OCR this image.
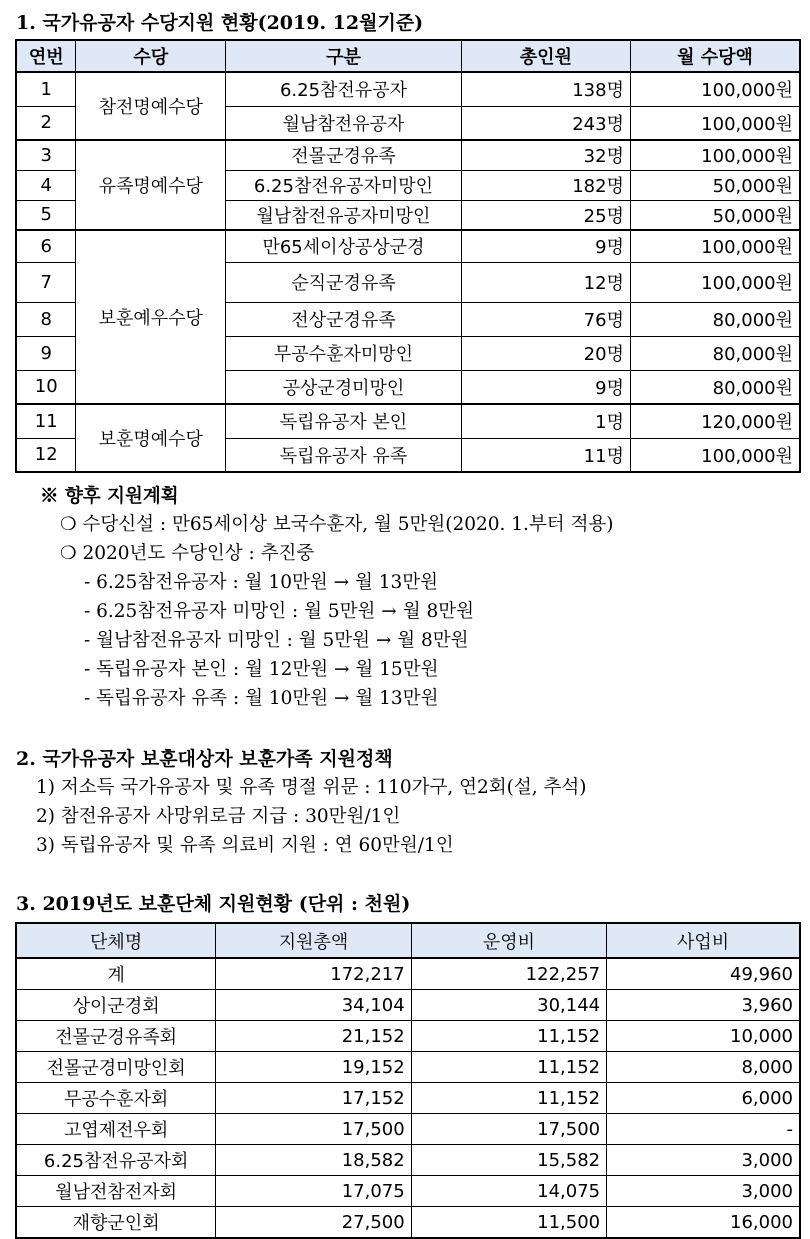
1. 국가유공자 수당지원 현황(2019. 12월기준)
연번	수당	구분	총인원	월 수당액
1	참전명예수당	6.25참전유공자	138명	100,000원
2		월남참전유공자	243명	100,000원
3	유족명예수당	전몰군경유족	32명	100,000원
4		6.25참전유공자미망인	182명	50,000원
5		월남참전유공자미망인	25명	50,000원
6	보훈예우수당	만65세이상공상군경	9명	100,000원
7		순직군경유족	12명	100,000원
8		전상군경유족	76명	80,000원
9		무공수훈자미망인	20명	80,000원
10		공상군경미망인	9명	80,000원
11	보훈명예수당	독립유공자 본인	1명	120,000원
12		독립유공자 유족	11명	100,000원
※ 향후 지원계획
❍ 수당신설 : 만65세이상 보국수훈자, 월 5만원(2020. 1.부터 적용)
❍ 2020년도 수당인상 : 추진중
- 6.25참전유공자 : 월 10만원 → 월 13만원
- 6.25참전유공자 미망인 : 월 5만원 → 월 8만원
- 월남참전유공자 미망인 : 월 5만원 → 월 8만원
- 독립유공자 본인 : 월 12만원 → 월 15만원
- 독립유공자 유족 : 월 10만원 → 월 13만원
2. 국가유공자 보훈대상자 보훈가족 지원정책
1) 저소득 국가유공자 및 유족 명절 위문 : 110가구, 연2회(설, 추석)
2) 참전유공자 사망위로금 지급 : 30만원/1인
3) 독립유공자 및 유족 의료비 지원 : 연 60만원/1인
3. 2019년도 보훈단체 지원현황 (단위 : 천원)
단체명	지원총액	운영비	사업비
계	172,217	122,257	49,960
상이군경회	34,104	30,144	3,960
전몰군경유족회	21,152	11,152	10,000
전몰군경미망인회	19,152	11,152	8,000
무공수훈자회	17,152	11,152	6,000
고엽제전우회	17,500	17,500	-
6.25참전유공자회	18,582	15,582	3,000
월남전참전자회	17,075	14,075	3,000
재향군인회	27,500	11,500	16,000
